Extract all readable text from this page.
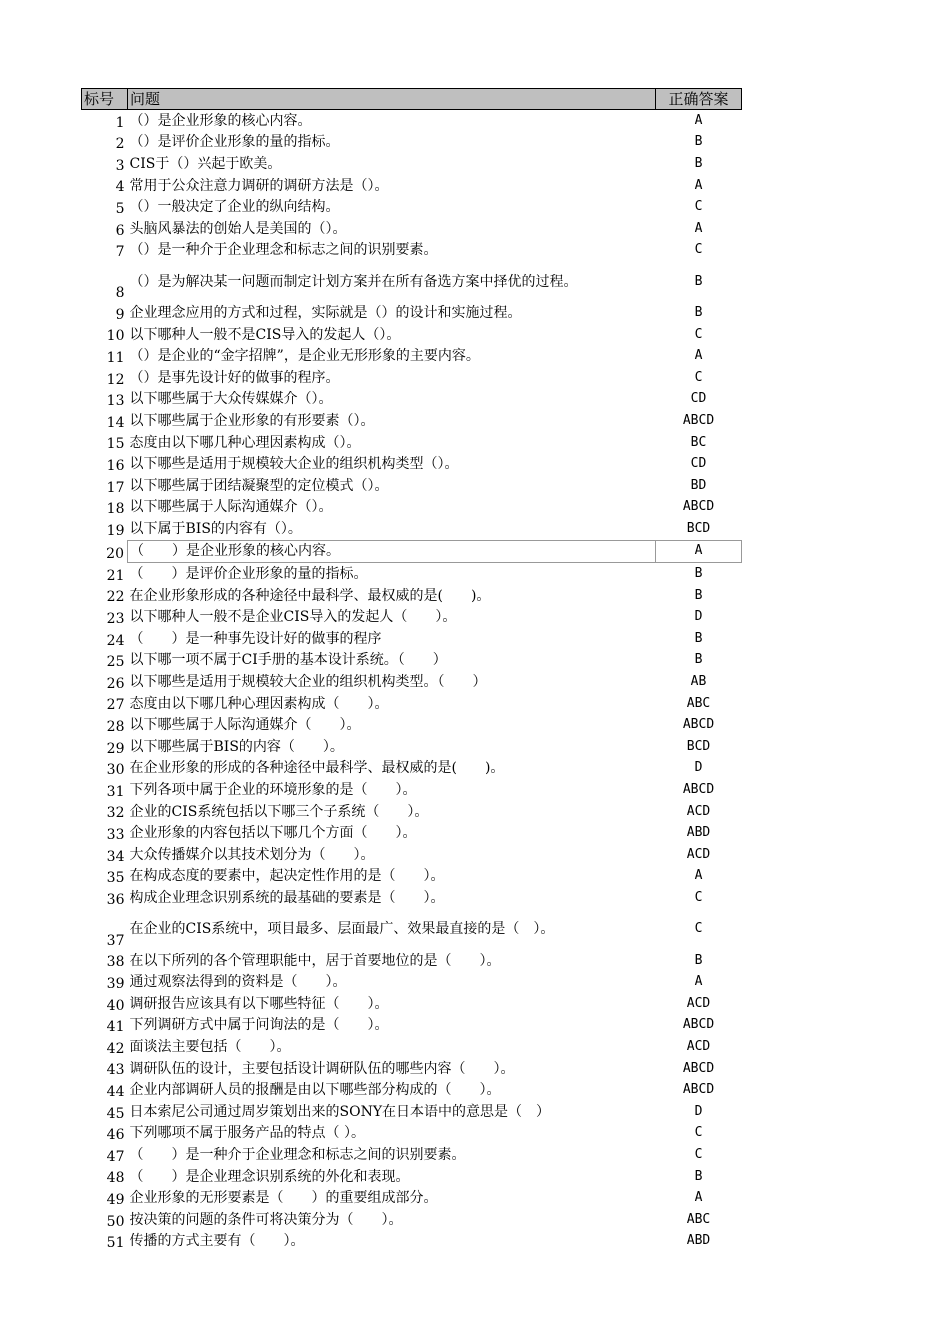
标号	问题	正确答案
1	（）是企业形象的核心内容。	A
2	（）是评价企业形象的量的指标。	B
3	CIS于（）兴起于欧美。	B
4	常用于公众注意力调研的调研方法是（）。	A
5	（）一般决定了企业的纵向结构。	C
6	头脑风暴法的创始人是美国的（）。	A
7	（）是一种介于企业理念和标志之间的识别要素。	C
8	（）是为解决某一问题而制定计划方案并在所有备选方案中择优的过程。	B
9	企业理念应用的方式和过程，实际就是（）的设计和实施过程。	B
10	以下哪种人一般不是CIS导入的发起人（）。	C
11	（）是企业的“金字招牌”，是企业无形形象的主要内容。	A
12	（）是事先设计好的做事的程序。	C
13	以下哪些属于大众传媒媒介（）。	CD
14	以下哪些属于企业形象的有形要素（）。	ABCD
15	态度由以下哪几种心理因素构成（）。	BC
16	以下哪些是适用于规模较大企业的组织机构类型（）。	CD
17	以下哪些属于团结凝聚型的定位模式（）。	BD
18	以下哪些属于人际沟通媒介（）。	ABCD
19	以下属于BIS的内容有（）。	BCD
20	（　　）是企业形象的核心内容。	A
21	（　　）是评价企业形象的量的指标。	B
22	在企业形象形成的各种途径中最科学、最权威的是(　　)。	B
23	以下哪种人一般不是企业CIS导入的发起人（　　）。	D
24	（　　）是一种事先设计好的做事的程序	B
25	以下哪一项不属于CI手册的基本设计系统。（　　）	B
26	以下哪些是适用于规模较大企业的组织机构类型。（　　）	AB
27	态度由以下哪几种心理因素构成（　　）。	ABC
28	以下哪些属于人际沟通媒介（　　）。	ABCD
29	以下哪些属于BIS的内容（　　）。	BCD
30	在企业形象的形成的各种途径中最科学、最权威的是(　　)。	D
31	下列各项中属于企业的环境形象的是（　　）。	ABCD
32	企业的CIS系统包括以下哪三个子系统（　　）。	ACD
33	企业形象的内容包括以下哪几个方面（　　）。	ABD
34	大众传播媒介以其技术划分为（　　）。	ACD
35	在构成态度的要素中，起决定性作用的是（　　）。	A
36	构成企业理念识别系统的最基础的要素是（　　）。	C
37	在企业的CIS系统中，项目最多、层面最广、效果最直接的是（　）。	C
38	在以下所列的各个管理职能中，居于首要地位的是（　　）。	B
39	通过观察法得到的资料是（　　）。	A
40	调研报告应该具有以下哪些特征（　　）。	ACD
41	下列调研方式中属于问询法的是（　　）。	ABCD
42	面谈法主要包括（　　）。	ACD
43	调研队伍的设计，主要包括设计调研队伍的哪些内容（　　）。	ABCD
44	企业内部调研人员的报酬是由以下哪些部分构成的（　　）。	ABCD
45	日本索尼公司通过周岁策划出来的SONY在日本语中的意思是（　）	D
46	下列哪项不属于服务产品的特点（ ）。	C
47	（　　）是一种介于企业理念和标志之间的识别要素。	C
48	（　　）是企业理念识别系统的外化和表现。	B
49	企业形象的无形要素是（　　）的重要组成部分。	A
50	按决策的问题的条件可将决策分为（　　）。	ABC
51	传播的方式主要有（　　）。	ABD
